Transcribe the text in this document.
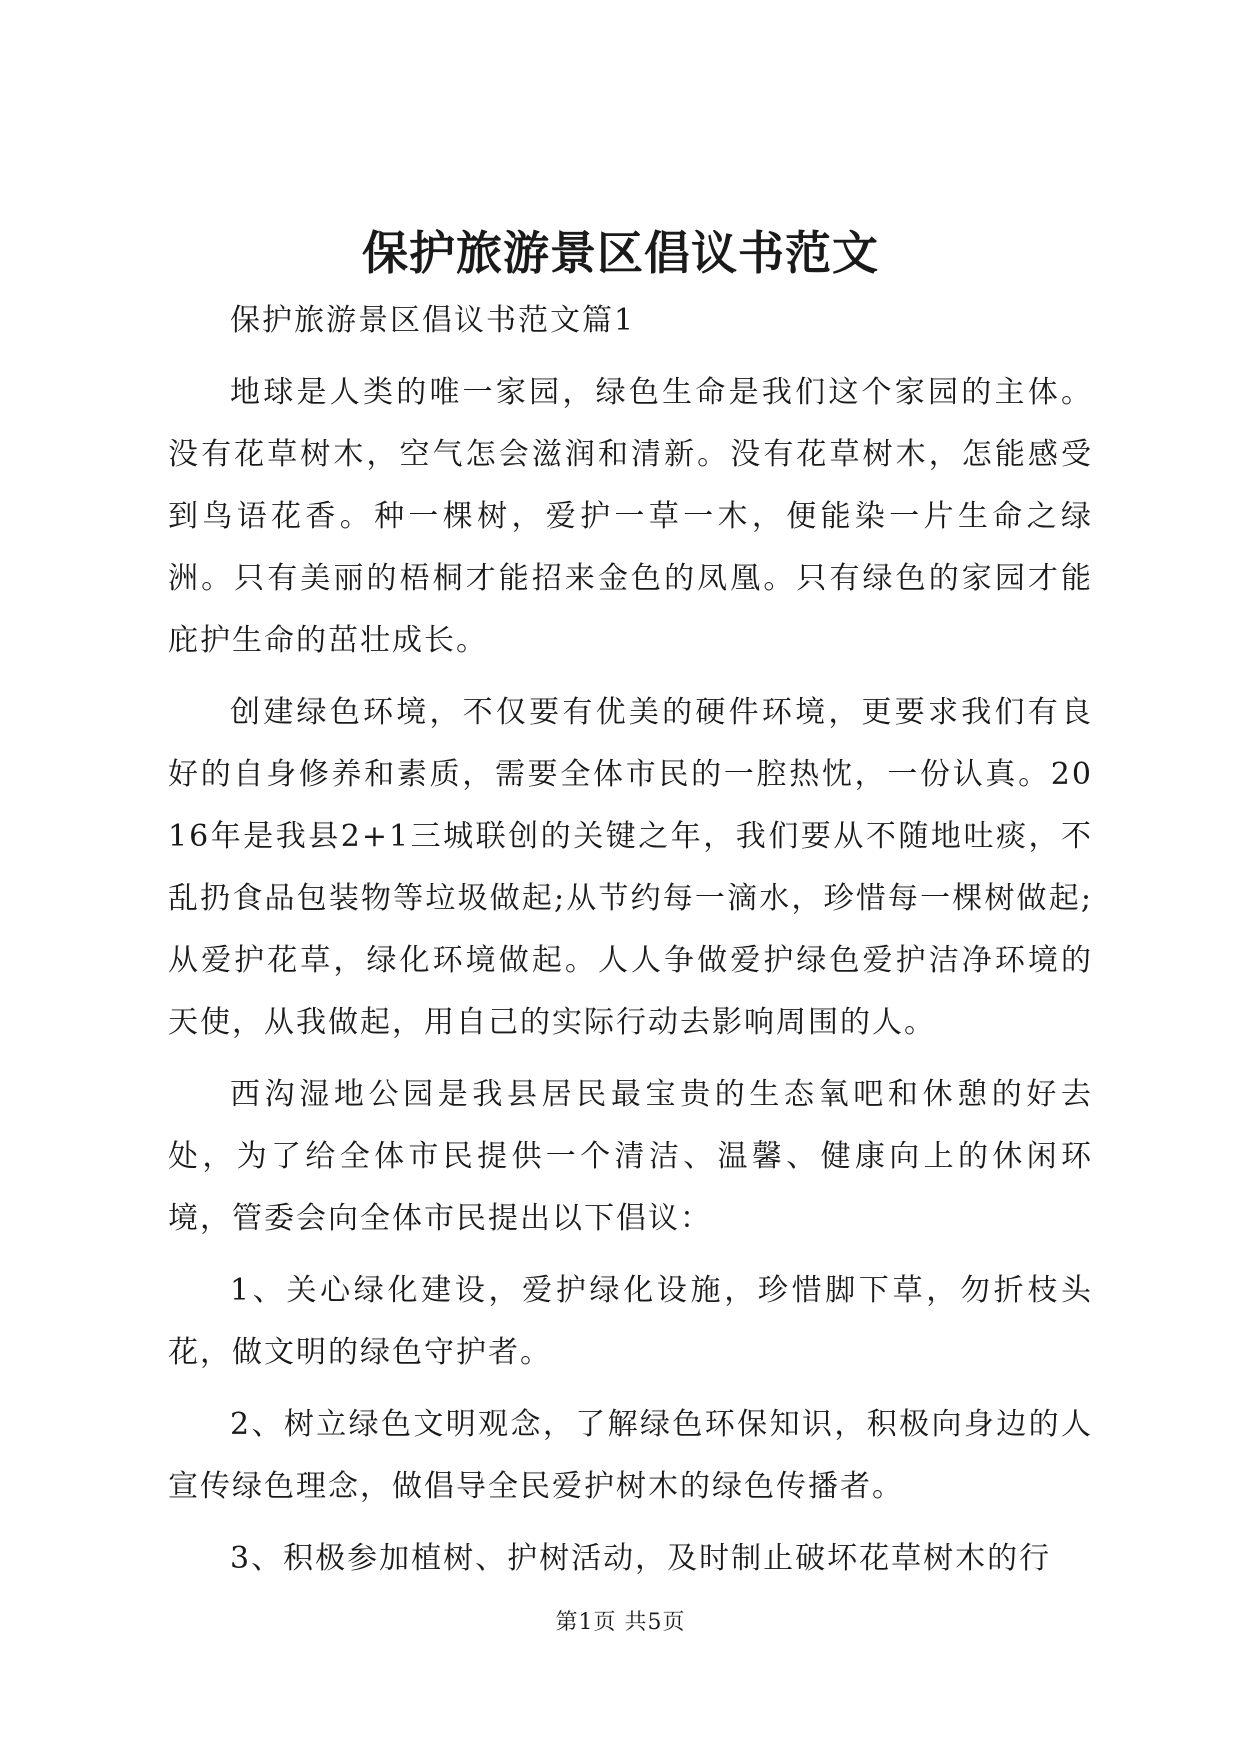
保护旅游景区倡议书范文

保护旅游景区倡议书范文篇1

地球是人类的唯一家园，绿色生命是我们这个家园的主体。没有花草树木，空气怎会滋润和清新。没有花草树木，怎能感受到鸟语花香。种一棵树，爱护一草一木，便能染一片生命之绿洲。只有美丽的梧桐才能招来金色的凤凰。只有绿色的家园才能庇护生命的茁壮成长。

创建绿色环境，不仅要有优美的硬件环境，更要求我们有良好的自身修养和素质，需要全体市民的一腔热忱，一份认真。2016年是我县2+1三城联创的关键之年，我们要从不随地吐痰，不乱扔食品包装物等垃圾做起;从节约每一滴水，珍惜每一棵树做起;从爱护花草，绿化环境做起。人人争做爱护绿色爱护洁净环境的天使，从我做起，用自己的实际行动去影响周围的人。

西沟湿地公园是我县居民最宝贵的生态氧吧和休憩的好去处，为了给全体市民提供一个清洁、温馨、健康向上的休闲环境，管委会向全体市民提出以下倡议：

1、关心绿化建设，爱护绿化设施，珍惜脚下草，勿折枝头花，做文明的绿色守护者。

2、树立绿色文明观念，了解绿色环保知识，积极向身边的人宣传绿色理念，做倡导全民爱护树木的绿色传播者。

3、积极参加植树、护树活动，及时制止破坏花草树木的行

第1页 共5页
